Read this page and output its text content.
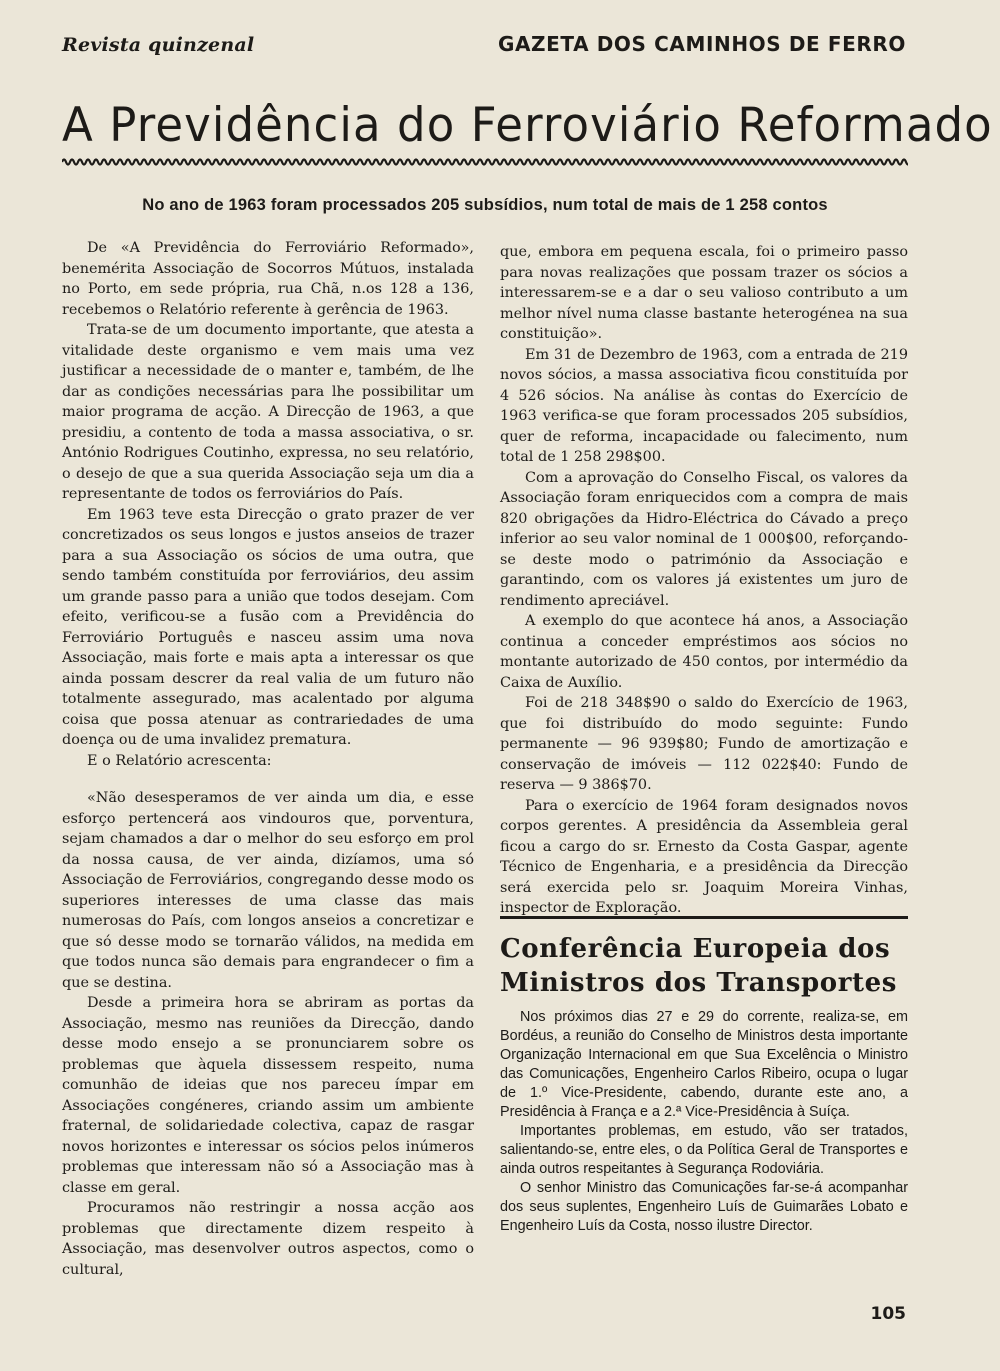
Revista quinzenal	GAZETA DOS CAMINHOS DE FERRO
A Previdência do Ferroviário Reformado
No ano de 1963 foram processados 205 subsídios, num total de mais de 1 258 contos

De «A Previdência do Ferroviário Reformado», benemérita Associação de Socorros Mútuos, instalada no Porto, em sede própria, rua Chã, n.os 128 a 136, recebemos o Relatório referente à gerência de 1963.

Trata-se de um documento importante, que atesta a vitalidade deste organismo e vem mais uma vez justificar a necessidade de o manter e, também, de lhe dar as condições necessárias para lhe possibilitar um maior programa de acção. A Direcção de 1963, a que presidiu, a contento de toda a massa associativa, o sr. António Rodrigues Coutinho, expressa, no seu relatório, o desejo de que a sua querida Associação seja um dia a representante de todos os ferroviários do País.

Em 1963 teve esta Direcção o grato prazer de ver concretizados os seus longos e justos anseios de trazer para a sua Associação os sócios de uma outra, que sendo também constituída por ferroviários, deu assim um grande passo para a união que todos desejam. Com efeito, verificou-se a fusão com a Previdência do Ferroviário Português e nasceu assim uma nova Associação, mais forte e mais apta a interessar os que ainda possam descrer da real valia de um futuro não totalmente assegurado, mas acalentado por alguma coisa que possa atenuar as contrariedades de uma doença ou de uma invalidez prematura.

E o Relatório acrescenta:

«Não desesperamos de ver ainda um dia, e esse esforço pertencerá aos vindouros que, porventura, sejam chamados a dar o melhor do seu esforço em prol da nossa causa, de ver ainda, dizíamos, uma só Associação de Ferroviários, congregando desse modo os superiores interesses de uma classe das mais numerosas do País, com longos anseios a concretizar e que só desse modo se tornarão válidos, na medida em que todos nunca são demais para engrandecer o fim a que se destina.

Desde a primeira hora se abriram as portas da Associação, mesmo nas reuniões da Direcção, dando desse modo ensejo a se pronunciarem sobre os problemas que àquela dissessem respeito, numa comunhão de ideias que nos pareceu ímpar em Associações congéneres, criando assim um ambiente fraternal, de solidariedade colectiva, capaz de rasgar novos horizontes e interessar os sócios pelos inúmeros problemas que interessam não só a Associação mas à classe em geral.

Procuramos não restringir a nossa acção aos problemas que directamente dizem respeito à Associação, mas desenvolver outros aspectos, como o cultural,

que, embora em pequena escala, foi o primeiro passo para novas realizações que possam trazer os sócios a interessarem-se e a dar o seu valioso contributo a um melhor nível numa classe bastante heterogénea na sua constituição».

Em 31 de Dezembro de 1963, com a entrada de 219 novos sócios, a massa associativa ficou constituída por 4 526 sócios. Na análise às contas do Exercício de 1963 verifica-se que foram processados 205 subsídios, quer de reforma, incapacidade ou falecimento, num total de 1 258 298$00.

Com a aprovação do Conselho Fiscal, os valores da Associação foram enriquecidos com a compra de mais 820 obrigações da Hidro-Eléctrica do Cávado a preço inferior ao seu valor nominal de 1 000$00, reforçando-se deste modo o património da Associação e garantindo, com os valores já existentes um juro de rendimento apreciável.

A exemplo do que acontece há anos, a Associação continua a conceder empréstimos aos sócios no montante autorizado de 450 contos, por intermédio da Caixa de Auxílio.

Foi de 218 348$90 o saldo do Exercício de 1963, que foi distribuído do modo seguinte: Fundo permanente — 96 939$80; Fundo de amortização e conservação de imóveis — 112 022$40: Fundo de reserva — 9 386$70.

Para o exercício de 1964 foram designados novos corpos gerentes. A presidência da Assembleia geral ficou a cargo do sr. Ernesto da Costa Gaspar, agente Técnico de Engenharia, e a presidência da Direcção será exercida pelo sr. Joaquim Moreira Vinhas, inspector de Exploração.

Conferência Europeia dos
Ministros dos Transportes

Nos próximos dias 27 e 29 do corrente, realiza-se, em Bordéus, a reunião do Conselho de Ministros desta importante Organização Internacional em que Sua Excelência o Ministro das Comunicações, Engenheiro Carlos Ribeiro, ocupa o lugar de 1.º Vice-Presidente, cabendo, durante este ano, a Presidência à França e a 2.ª Vice-Presidência à Suíça.

Importantes problemas, em estudo, vão ser tratados, salientando-se, entre eles, o da Política Geral de Transportes e ainda outros respeitantes à Segurança Rodoviária.

O senhor Ministro das Comunicações far-se-á acompanhar dos seus suplentes, Engenheiro Luís de Guimarães Lobato e Engenheiro Luís da Costa, nosso ilustre Director.

105
